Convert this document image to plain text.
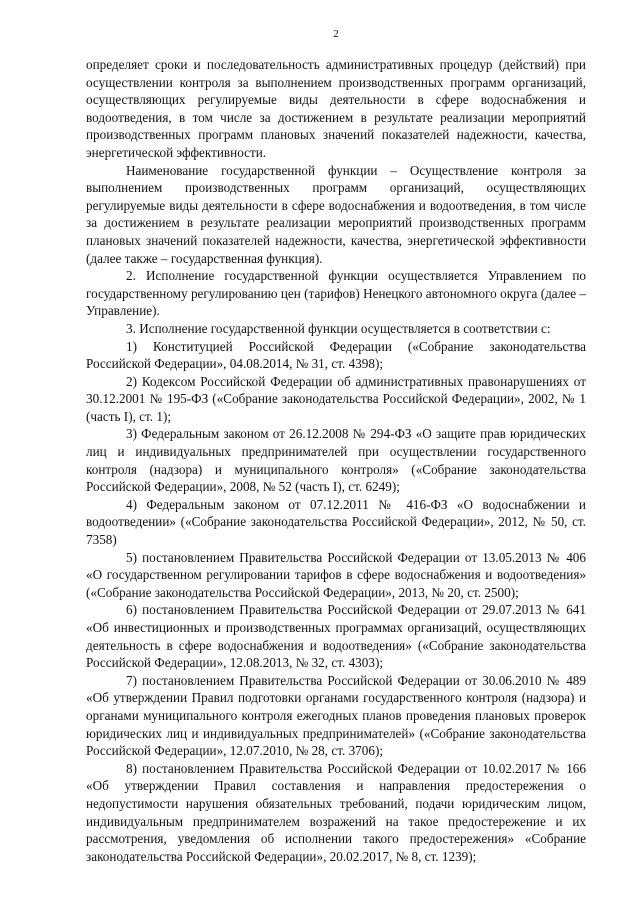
2

определяет сроки и последовательность административных процедур (действий) при осуществлении контроля за выполнением производственных программ организаций, осуществляющих регулируемые виды деятельности в сфере водоснабжения и водоотведения, в том числе за достижением в результате реализации мероприятий производственных программ плановых значений показателей надежности, качества, энергетической эффективности.

Наименование государственной функции – Осуществление контроля за выполнением производственных программ организаций, осуществляющих регулируемые виды деятельности в сфере водоснабжения и водоотведения, в том числе за достижением в результате реализации мероприятий производственных программ плановых значений показателей надежности, качества, энергетической эффективности (далее также – государственная функция).

2. Исполнение государственной функции осуществляется Управлением по государственному регулированию цен (тарифов) Ненецкого автономного округа (далее – Управление).

3. Исполнение государственной функции осуществляется в соответствии с:

1) Конституцией Российской Федерации («Собрание законодательства Российской Федерации», 04.08.2014, № 31, ст. 4398);

2) Кодексом Российской Федерации об административных правонарушениях от 30.12.2001 № 195-ФЗ («Собрание законодательства Российской Федерации», 2002, № 1 (часть I), ст. 1);

3) Федеральным законом от 26.12.2008 № 294-ФЗ «О защите прав юридических лиц и индивидуальных предпринимателей при осуществлении государственного контроля (надзора) и муниципального контроля» («Собрание законодательства Российской Федерации», 2008, № 52 (часть I), ст. 6249);

4) Федеральным законом от 07.12.2011 № 416-ФЗ «О водоснабжении и водоотведении» («Собрание законодательства Российской Федерации», 2012, № 50, ст. 7358)

5) постановлением Правительства Российской Федерации от 13.05.2013 № 406 «О государственном регулировании тарифов в сфере водоснабжения и водоотведения» («Собрание законодательства Российской Федерации», 2013, № 20, ст. 2500);

6) постановлением Правительства Российской Федерации от 29.07.2013 № 641 «Об инвестиционных и производственных программах организаций, осуществляющих деятельность в сфере водоснабжения и водоотведения» («Собрание законодательства Российской Федерации», 12.08.2013, № 32, ст. 4303);

7) постановлением Правительства Российской Федерации от 30.06.2010 № 489 «Об утверждении Правил подготовки органами государственного контроля (надзора) и органами муниципального контроля ежегодных планов проведения плановых проверок юридических лиц и индивидуальных предпринимателей» («Собрание законодательства Российской Федерации», 12.07.2010, № 28, ст. 3706);

8) постановлением Правительства Российской Федерации от 10.02.2017 № 166 «Об утверждении Правил составления и направления предостережения о недопустимости нарушения обязательных требований, подачи юридическим лицом, индивидуальным предпринимателем возражений на такое предостережение и их рассмотрения, уведомления об исполнении такого предостережения» «Собрание законодательства Российской Федерации», 20.02.2017, № 8, ст. 1239);
